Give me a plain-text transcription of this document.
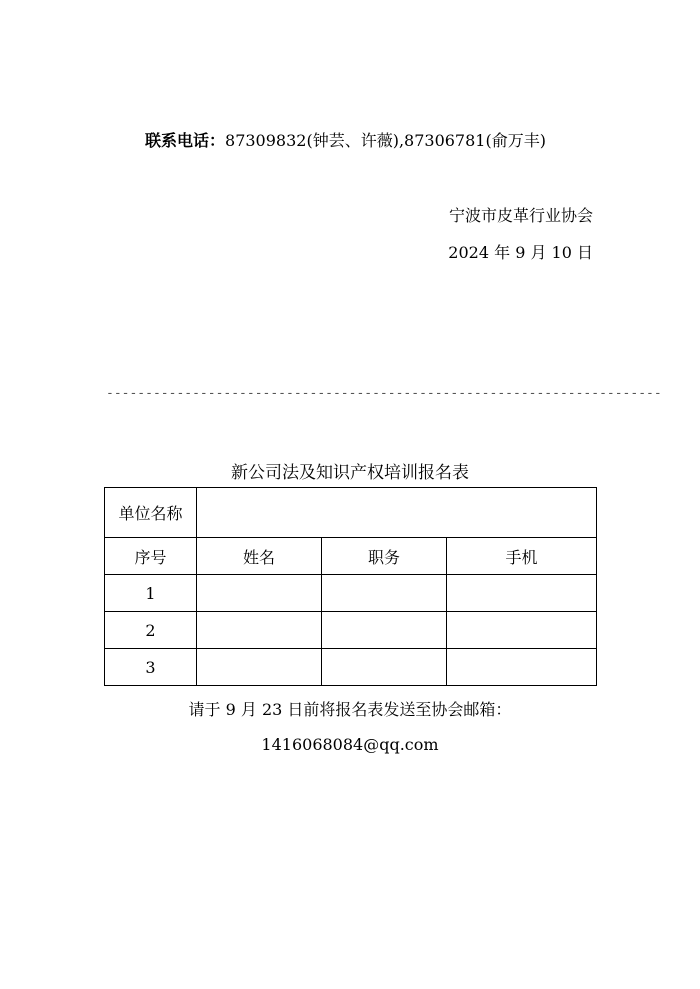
联系电话：87309832(钟芸、许薇),87306781(俞万丰)
宁波市皮革行业协会
2024 年 9 月 10 日
-----------------------------------------------------------------------
新公司法及知识产权培训报名表
单位名称			
序号	姓名	职务	手机
1			
2			
3			
请于 9 月 23 日前将报名表发送至协会邮箱：
1416068084@qq.com
